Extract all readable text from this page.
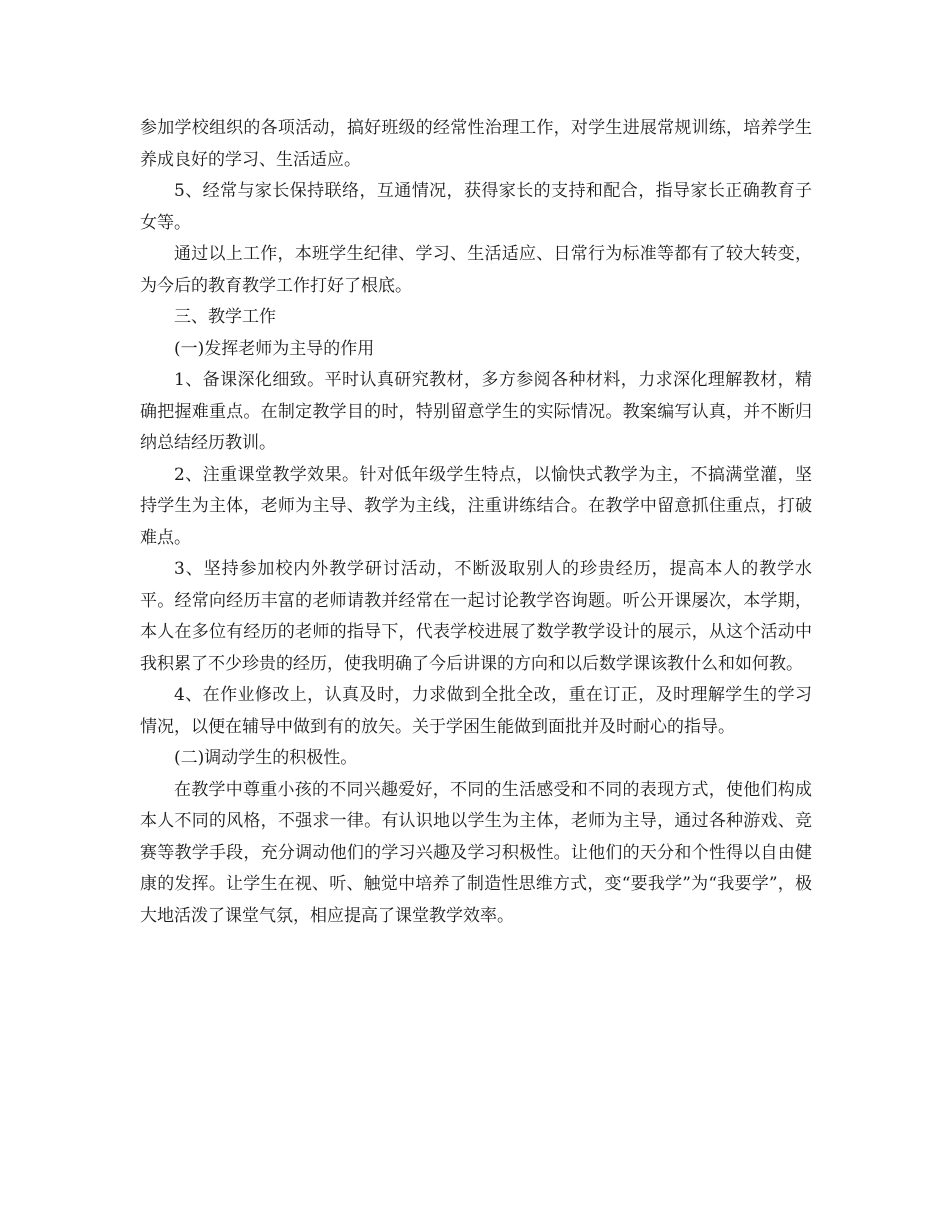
参加学校组织的各项活动，搞好班级的经常性治理工作，对学生进展常规训练，培养学生养成良好的学习、生活适应。

5、经常与家长保持联络，互通情况，获得家长的支持和配合，指导家长正确教育子女等。

通过以上工作，本班学生纪律、学习、生活适应、日常行为标准等都有了较大转变，为今后的教育教学工作打好了根底。

三、教学工作

(一)发挥老师为主导的作用

1、备课深化细致。平时认真研究教材，多方参阅各种材料，力求深化理解教材，精确把握难重点。在制定教学目的时，特别留意学生的实际情况。教案编写认真，并不断归纳总结经历教训。

2、注重课堂教学效果。针对低年级学生特点，以愉快式教学为主，不搞满堂灌，坚持学生为主体，老师为主导、教学为主线，注重讲练结合。在教学中留意抓住重点，打破难点。

3、坚持参加校内外教学研讨活动，不断汲取别人的珍贵经历，提高本人的教学水平。经常向经历丰富的老师请教并经常在一起讨论教学咨询题。听公开课屡次，本学期，本人在多位有经历的老师的指导下，代表学校进展了数学教学设计的展示，从这个活动中我积累了不少珍贵的经历，使我明确了今后讲课的方向和以后数学课该教什么和如何教。

4、在作业修改上，认真及时，力求做到全批全改，重在订正，及时理解学生的学习情况，以便在辅导中做到有的放矢。关于学困生能做到面批并及时耐心的指导。

(二)调动学生的积极性。

在教学中尊重小孩的不同兴趣爱好，不同的生活感受和不同的表现方式，使他们构成本人不同的风格，不强求一律。有认识地以学生为主体，老师为主导，通过各种游戏、竞赛等教学手段，充分调动他们的学习兴趣及学习积极性。让他们的天分和个性得以自由健康的发挥。让学生在视、听、触觉中培养了制造性思维方式，变“要我学”为“我要学”，极大地活泼了课堂气氛，相应提高了课堂教学效率。
